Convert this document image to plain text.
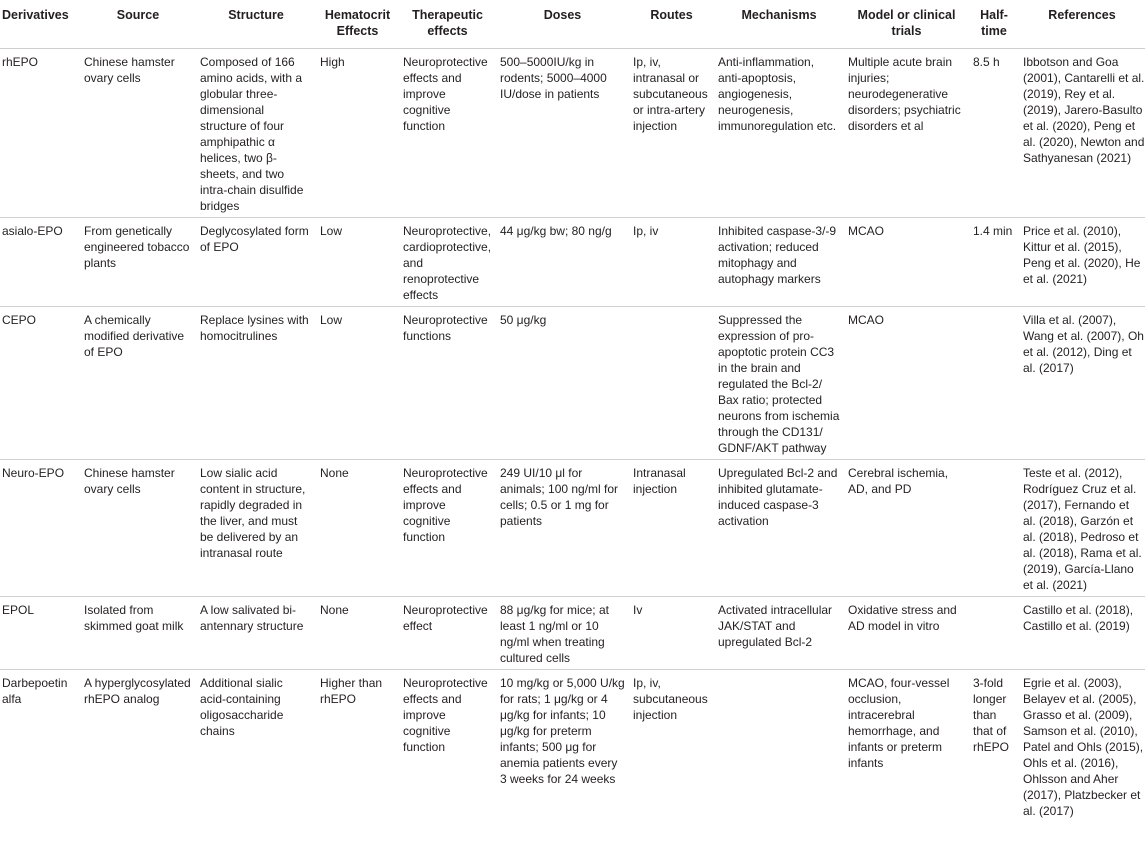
Derivatives	Source	Structure	Hematocrit Effects	Therapeutic effects	Doses	Routes	Mechanisms	Model or clinical trials	Half-time	References
rhEPO	Chinese hamster ovary cells	Composed of 166 amino acids, with a globular three-dimensional structure of four amphipathic α helices, two β-sheets, and two intra-chain disulfide bridges	High	Neuroprotective effects and improve cognitive function	500–5000IU/kg in rodents; 5000–4000 IU/dose in patients	Ip, iv, intranasal or subcutaneous or intra-artery injection	Anti-inflammation, anti-apoptosis, angiogenesis, neurogenesis, immunoregulation etc.	Multiple acute brain injuries; neurodegenerative disorders; psychiatric disorders et al	8.5 h	Ibbotson and Goa (2001), Cantarelli et al. (2019), Rey et al. (2019), Jarero-Basulto et al. (2020), Peng et al. (2020), Newton and Sathyanesan (2021)
asialo-EPO	From genetically engineered tobacco plants	Deglycosylated form of EPO	Low	Neuroprotective, cardioprotective, and renoprotective effects	44 μg/kg bw; 80 ng/g	Ip, iv	Inhibited caspase-3/-9 activation; reduced mitophagy and autophagy markers	MCAO	1.4 min	Price et al. (2010), Kittur et al. (2015), Peng et al. (2020), He et al. (2021)
CEPO	A chemically modified derivative of EPO	Replace lysines with homocitrulines	Low	Neuroprotective functions	50 μg/kg		Suppressed the expression of pro-apoptotic protein CC3 in the brain and regulated the Bcl-2/ Bax ratio; protected neurons from ischemia through the CD131/ GDNF/AKT pathway	MCAO		Villa et al. (2007), Wang et al. (2007), Oh et al. (2012), Ding et al. (2017)
Neuro-EPO	Chinese hamster ovary cells	Low sialic acid content in structure, rapidly degraded in the liver, and must be delivered by an intranasal route	None	Neuroprotective effects and improve cognitive function	249 UI/10 μl for animals; 100 ng/ml for cells; 0.5 or 1 mg for patients	Intranasal injection	Upregulated Bcl-2 and inhibited glutamate-induced caspase-3 activation	Cerebral ischemia, AD, and PD		Teste et al. (2012), Rodríguez Cruz et al. (2017), Fernando et al. (2018), Garzón et al. (2018), Pedroso et al. (2018), Rama et al. (2019), García-Llano et al. (2021)
EPOL	Isolated from skimmed goat milk	A low salivated bi-antennary structure	None	Neuroprotective effect	88 μg/kg for mice; at least 1 ng/ml or 10 ng/ml when treating cultured cells	Iv	Activated intracellular JAK/STAT and upregulated Bcl-2	Oxidative stress and AD model in vitro		Castillo et al. (2018), Castillo et al. (2019)
Darbepoetin alfa	A hyperglycosylated rhEPO analog	Additional sialic acid-containing oligosaccharide chains	Higher than rhEPO	Neuroprotective effects and improve cognitive function	10 mg/kg or 5,000 U/kg for rats; 1 μg/kg or 4 μg/kg for infants; 10 μg/kg for preterm infants; 500 μg for anemia patients every 3 weeks for 24 weeks	Ip, iv, subcutaneous injection		MCAO, four-vessel occlusion, intracerebral hemorrhage, and infants or preterm infants	3-fold longer than that of rhEPO	Egrie et al. (2003), Belayev et al. (2005), Grasso et al. (2009), Samson et al. (2010), Patel and Ohls (2015), Ohls et al. (2016), Ohlsson and Aher (2017), Platzbecker et al. (2017)
